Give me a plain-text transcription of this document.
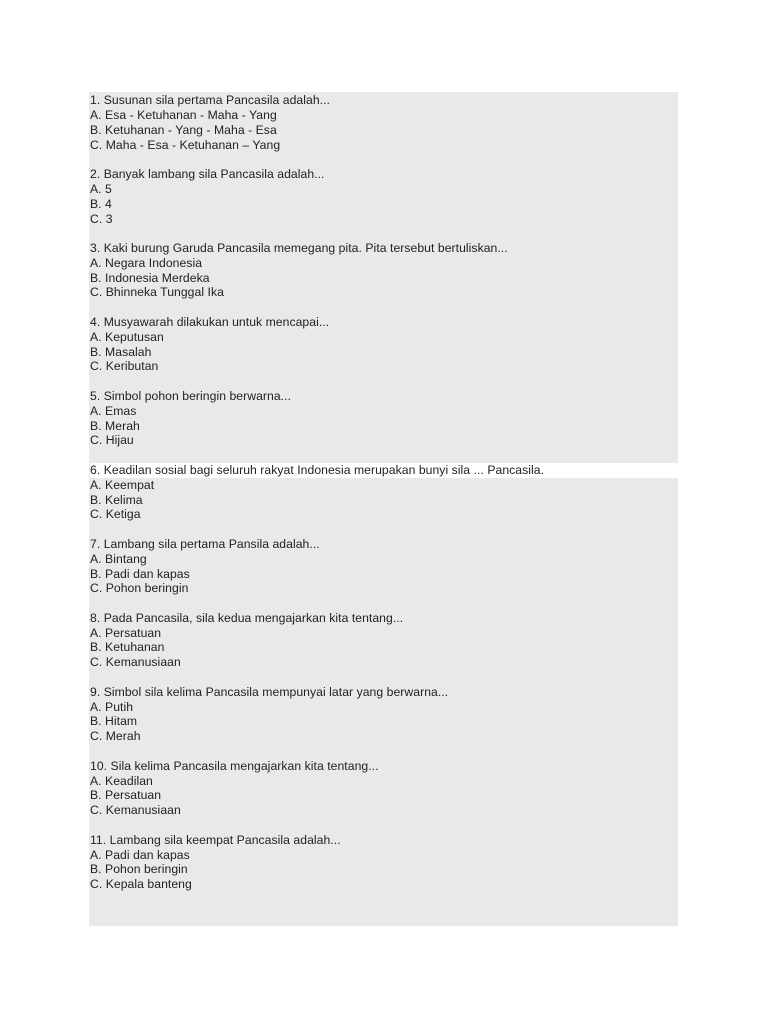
1. Susunan sila pertama Pancasila adalah...
A. Esa - Ketuhanan - Maha - Yang
B. Ketuhanan - Yang - Maha - Esa
C. Maha - Esa - Ketuhanan – Yang
2. Banyak lambang sila Pancasila adalah...
A. 5
B. 4
C. 3
3. Kaki burung Garuda Pancasila memegang pita. Pita tersebut bertuliskan...
A. Negara Indonesia
B. Indonesia Merdeka
C. Bhinneka Tunggal Ika
4. Musyawarah dilakukan untuk mencapai...
A. Keputusan
B. Masalah
C. Keributan
5. Simbol pohon beringin berwarna...
A. Emas
B. Merah
C. Hijau
6. Keadilan sosial bagi seluruh rakyat Indonesia merupakan bunyi sila ... Pancasila.
A. Keempat
B. Kelima
C. Ketiga
7. Lambang sila pertama Pansila adalah...
A. Bintang
B. Padi dan kapas
C. Pohon beringin
8. Pada Pancasila, sila kedua mengajarkan kita tentang...
A. Persatuan
B. Ketuhanan
C. Kemanusiaan
9. Simbol sila kelima Pancasila mempunyai latar yang berwarna...
A. Putih
B. Hitam
C. Merah
10. Sila kelima Pancasila mengajarkan kita tentang...
A. Keadilan
B. Persatuan
C. Kemanusiaan
11. Lambang sila keempat Pancasila adalah...
A. Padi dan kapas
B. Pohon beringin
C. Kepala banteng
